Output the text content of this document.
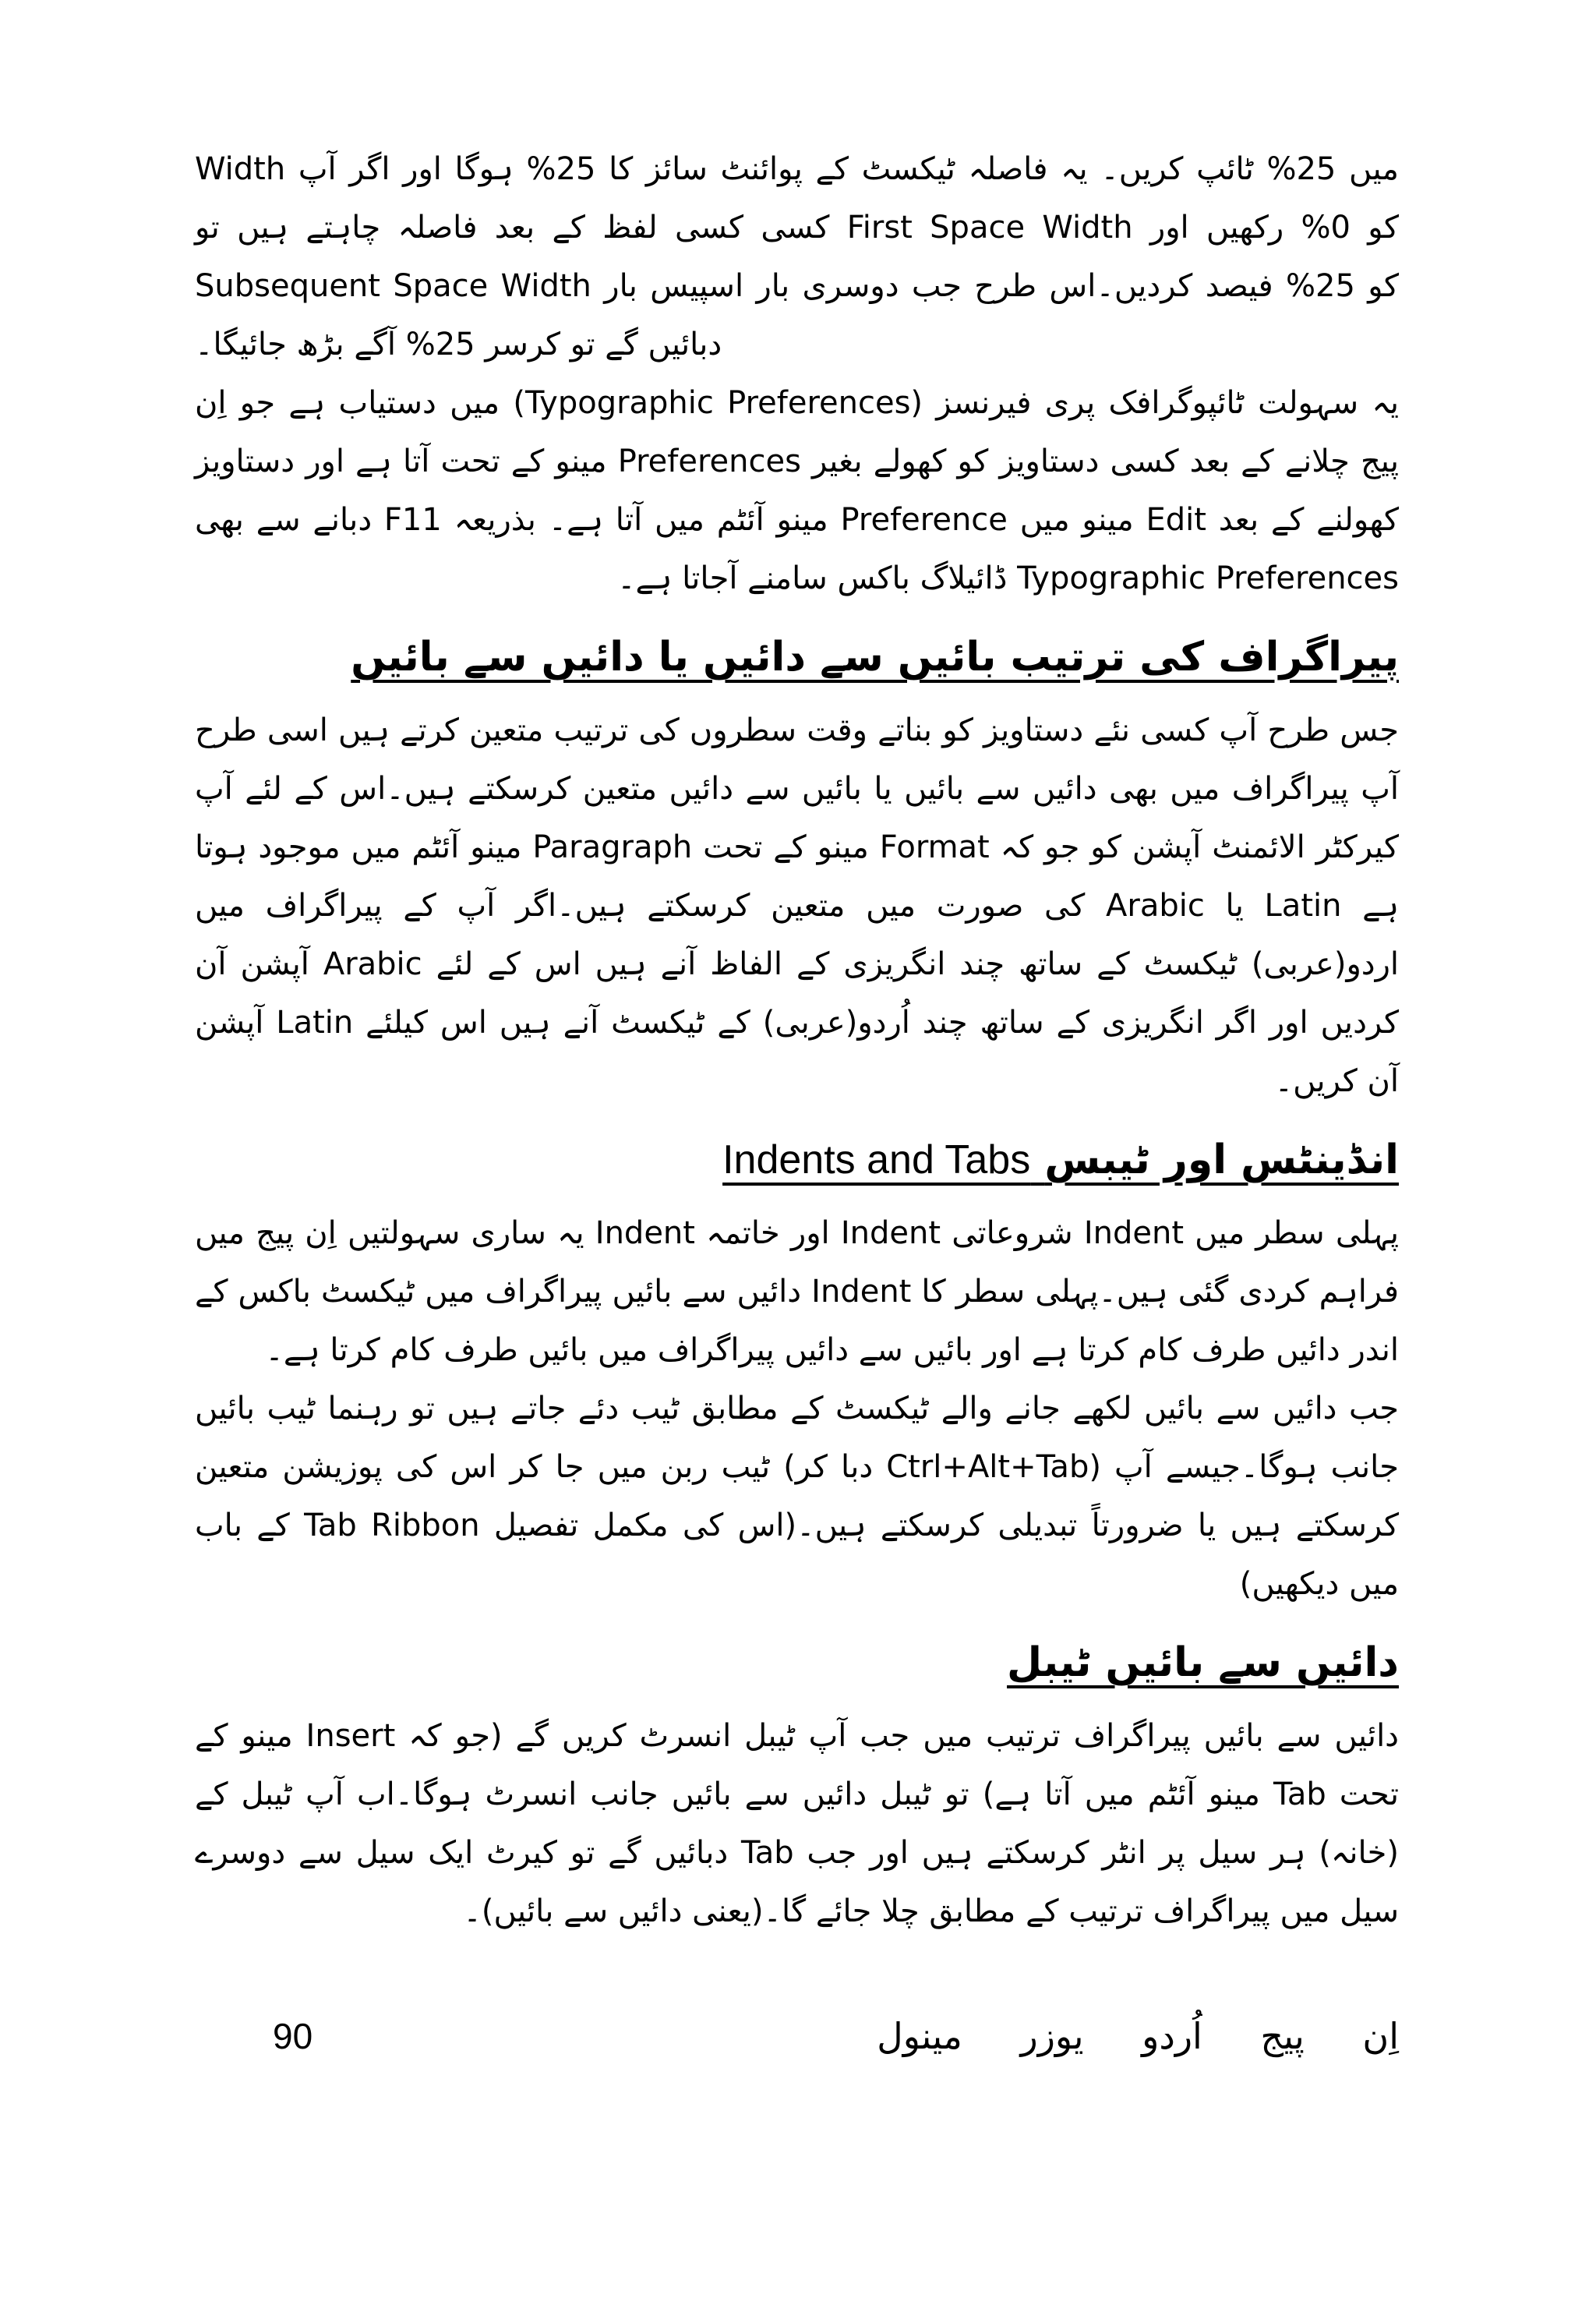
Width میں 25% ٹائپ کریں۔ یہ فاصلہ ٹیکسٹ کے پوائنٹ سائز کا 25% ہوگا اور اگر آپ کسی کسی لفظ کے بعد فاصلہ چاہتے ہیں تو First Space Width کو 0% رکھیں اور Subsequent Space Width کو 25% فیصد کردیں۔اس طرح جب دوسری بار اسپیس بار دبائیں گے تو کرسر 25% آگے بڑھ جائیگا۔

یہ سہولت ٹائپوگرافک پری فیرنسز (Typographic Preferences) میں دستیاب ہے جو اِن پیج چلانے کے بعد کسی دستاویز کو کھولے بغیر Preferences مینو کے تحت آتا ہے اور دستاویز کھولنے کے بعد Edit مینو میں Preference مینو آئٹم میں آتا ہے۔ بذریعہ F11 دبانے سے بھی Typographic Preferences ڈائیلاگ باکس سامنے آجاتا ہے۔

پیراگراف کی ترتیب بائیں سے دائیں یا دائیں سے بائیں

جس طرح آپ کسی نئے دستاویز کو بناتے وقت سطروں کی ترتیب متعین کرتے ہیں اسی طرح آپ پیراگراف میں بھی دائیں سے بائیں یا بائیں سے دائیں متعین کرسکتے ہیں۔اس کے لئے آپ کیرکٹر الائمنٹ آپشن کو جو کہ Format مینو کے تحت Paragraph مینو آئٹم میں موجود ہوتا ہے Latin یا Arabic کی صورت میں متعین کرسکتے ہیں۔اگر آپ کے پیراگراف میں اردو(عربی) ٹیکسٹ کے ساتھ چند انگریزی کے الفاظ آنے ہیں اس کے لئے Arabic آپشن آن کردیں اور اگر انگریزی کے ساتھ چند اُردو(عربی) کے ٹیکسٹ آنے ہیں اس کیلئے Latin آپشن آن کریں۔

انڈینٹس اور ٹیبس Indents and Tabs

پہلی سطر میں Indent شروعاتی Indent اور خاتمہ Indent یہ ساری سہولتیں اِن پیج میں فراہم کردی گئی ہیں۔پہلی سطر کا Indent دائیں سے بائیں پیراگراف میں ٹیکسٹ باکس کے اندر دائیں طرف کام کرتا ہے اور بائیں سے دائیں پیراگراف میں بائیں طرف کام کرتا ہے۔

جب دائیں سے بائیں لکھے جانے والے ٹیکسٹ کے مطابق ٹیب دئے جاتے ہیں تو رہنما ٹیب بائیں جانب ہوگا۔جیسے آپ (Ctrl+Alt+Tab دبا کر) ٹیب ربن میں جا کر اس کی پوزیشن متعین کرسکتے ہیں یا ضرورتاً تبدیلی کرسکتے ہیں۔(اس کی مکمل تفصیل Tab Ribbon کے باب میں دیکھیں)

دائیں سے بائیں ٹیبل

دائیں سے بائیں پیراگراف ترتیب میں جب آپ ٹیبل انسرٹ کریں گے (جو کہ Insert مینو کے تحت Tab مینو آئٹم میں آتا ہے) تو ٹیبل دائیں سے بائیں جانب انسرٹ ہوگا۔اب آپ ٹیبل کے (خانہ) ہر سیل پر انٹر کرسکتے ہیں اور جب Tab دبائیں گے تو کیرٹ ایک سیل سے دوسرے سیل میں پیراگراف ترتیب کے مطابق چلا جائے گا۔(یعنی دائیں سے بائیں)۔

90	اِن پیج اُردو یوزر مینول
